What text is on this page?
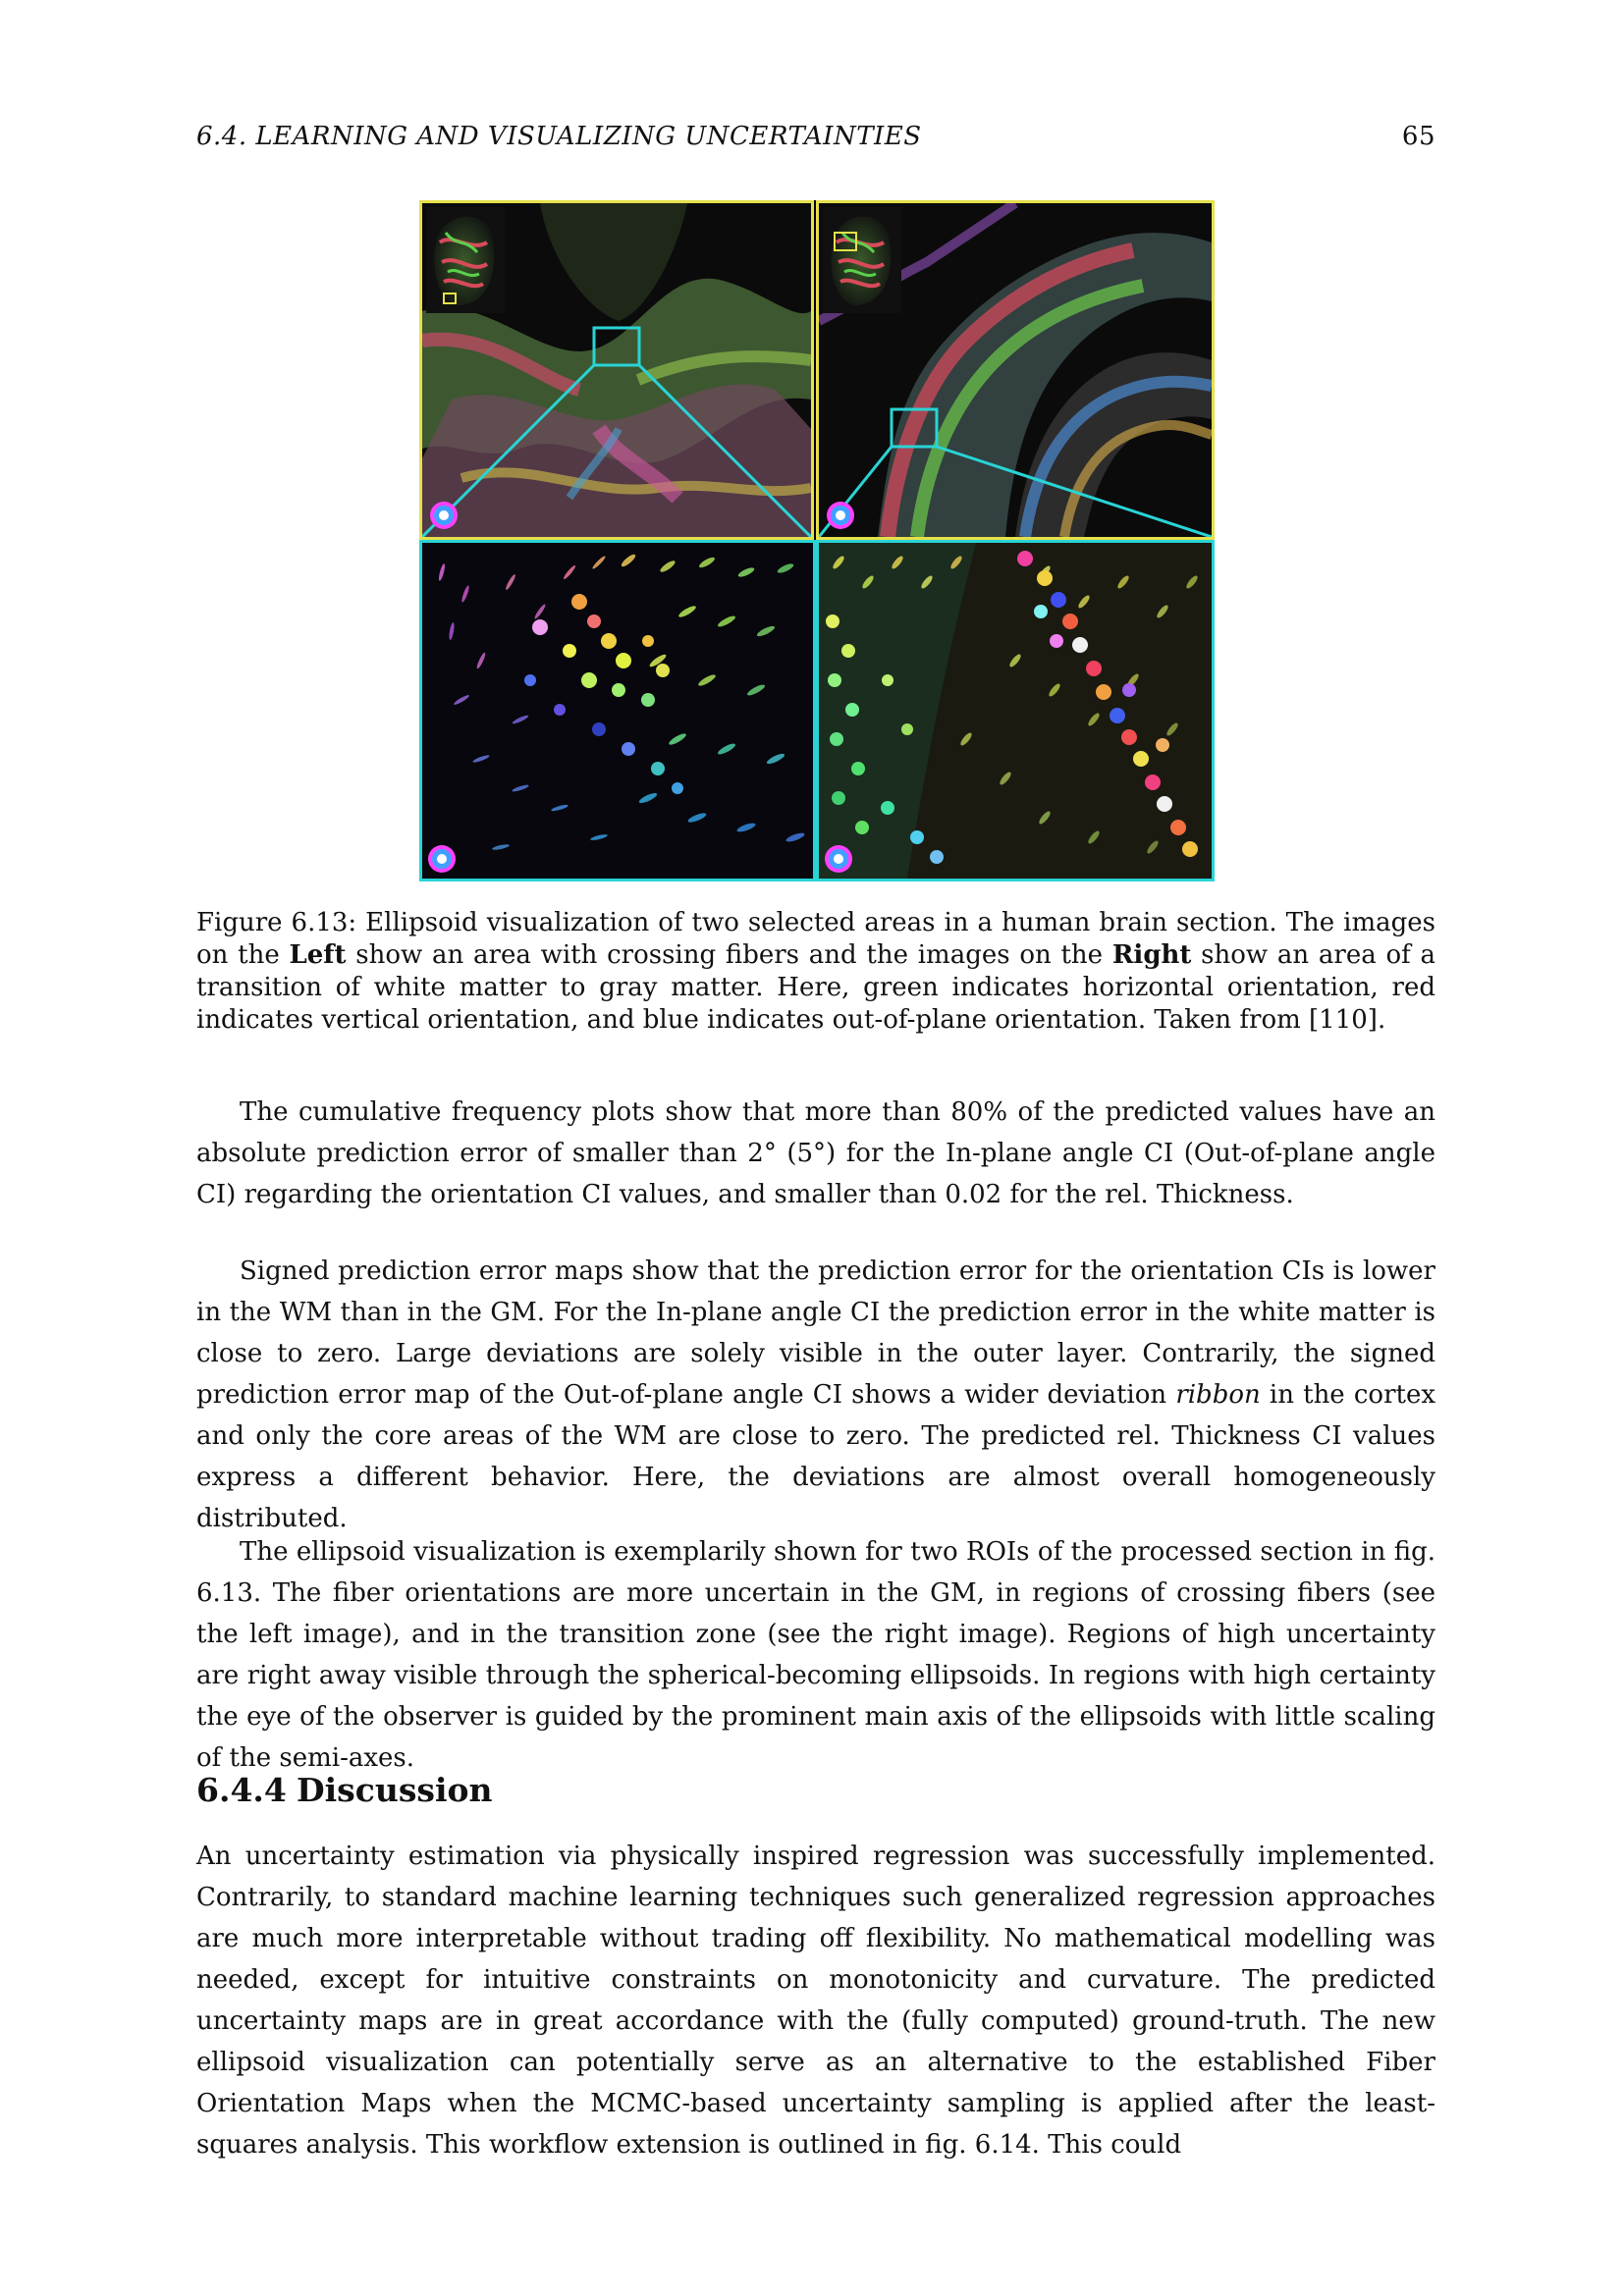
6.4. LEARNING AND VISUALIZING UNCERTAINTIES	65
Figure 6.13: Ellipsoid visualization of two selected areas in a human brain section. The images on the Left show an area with crossing fibers and the images on the Right show an area of a transition of white matter to gray matter. Here, green indicates horizontal orientation, red indicates vertical orientation, and blue indicates out-of-plane orientation. Taken from [110].
The cumulative frequency plots show that more than 80% of the predicted values have an absolute prediction error of smaller than 2° (5°) for the In-plane angle CI (Out-of-plane angle CI) regarding the orientation CI values, and smaller than 0.02 for the rel. Thickness.
Signed prediction error maps show that the prediction error for the orientation CIs is lower in the WM than in the GM. For the In-plane angle CI the prediction error in the white matter is close to zero. Large deviations are solely visible in the outer layer. Contrarily, the signed prediction error map of the Out-of-plane angle CI shows a wider deviation ribbon in the cortex and only the core areas of the WM are close to zero. The predicted rel. Thickness CI values express a different behavior. Here, the deviations are almost overall homogeneously distributed.
The ellipsoid visualization is exemplarily shown for two ROIs of the processed section in fig. 6.13. The fiber orientations are more uncertain in the GM, in regions of crossing fibers (see the left image), and in the transition zone (see the right image). Regions of high uncertainty are right away visible through the spherical-becoming ellipsoids. In regions with high certainty the eye of the observer is guided by the prominent main axis of the ellipsoids with little scaling of the semi-axes.
6.4.4 Discussion
An uncertainty estimation via physically inspired regression was successfully implemented. Contrarily, to standard machine learning techniques such generalized regression approaches are much more interpretable without trading off flexibility. No mathematical modelling was needed, except for intuitive constraints on monotonicity and curvature. The predicted uncertainty maps are in great accordance with the (fully computed) ground-truth. The new ellipsoid visualization can potentially serve as an alternative to the established Fiber Orientation Maps when the MCMC-based uncertainty sampling is applied after the least-squares analysis. This workflow extension is outlined in fig. 6.14. This could
